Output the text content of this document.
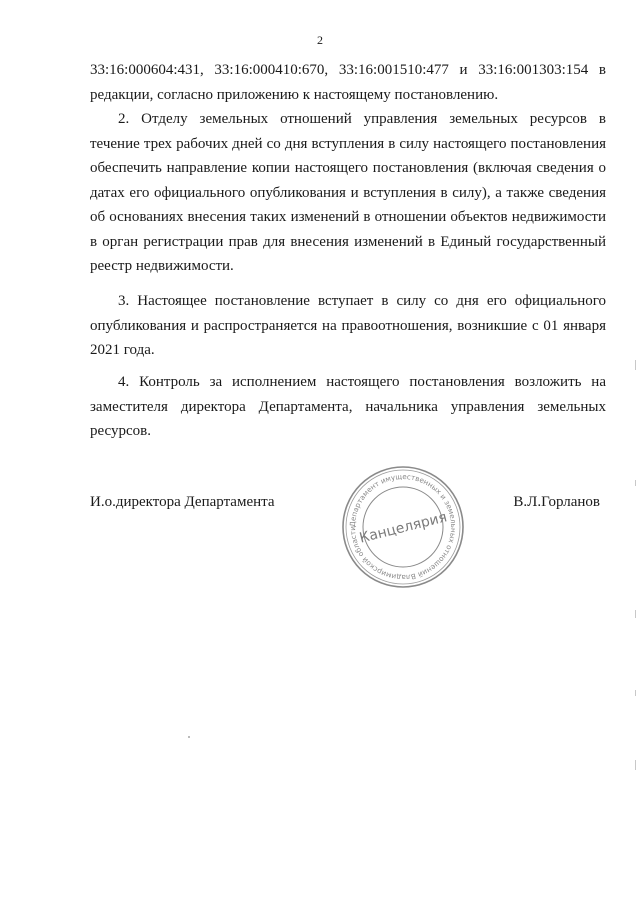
2
33:16:000604:431, 33:16:000410:670, 33:16:001510:477 и 33:16:001303:154 в
редакции, согласно приложению к настоящему постановлению.
2. Отделу земельных отношений управления земельных ресурсов в
течение трех рабочих дней со дня вступления в силу настоящего постановления
обеспечить направление копии настоящего постановления (включая сведения о
датах его официального опубликования и вступления в силу), а также сведения
об основаниях внесения таких изменений в отношении объектов недвижимости
в орган регистрации прав для внесения изменений в Единый государственный
реестр недвижимости.
3. Настоящее постановление вступает в силу со дня его официального
опубликования и распространяется на правоотношения, возникшие с 01 января
2021 года.
4. Контроль за исполнением настоящего постановления возложить на
заместителя директора Департамента, начальника управления земельных
ресурсов.
И.о.директора Департамента	В.Л.Горланов
Департамент имущественных и земельных отношений Владимирской области Канцелярия
